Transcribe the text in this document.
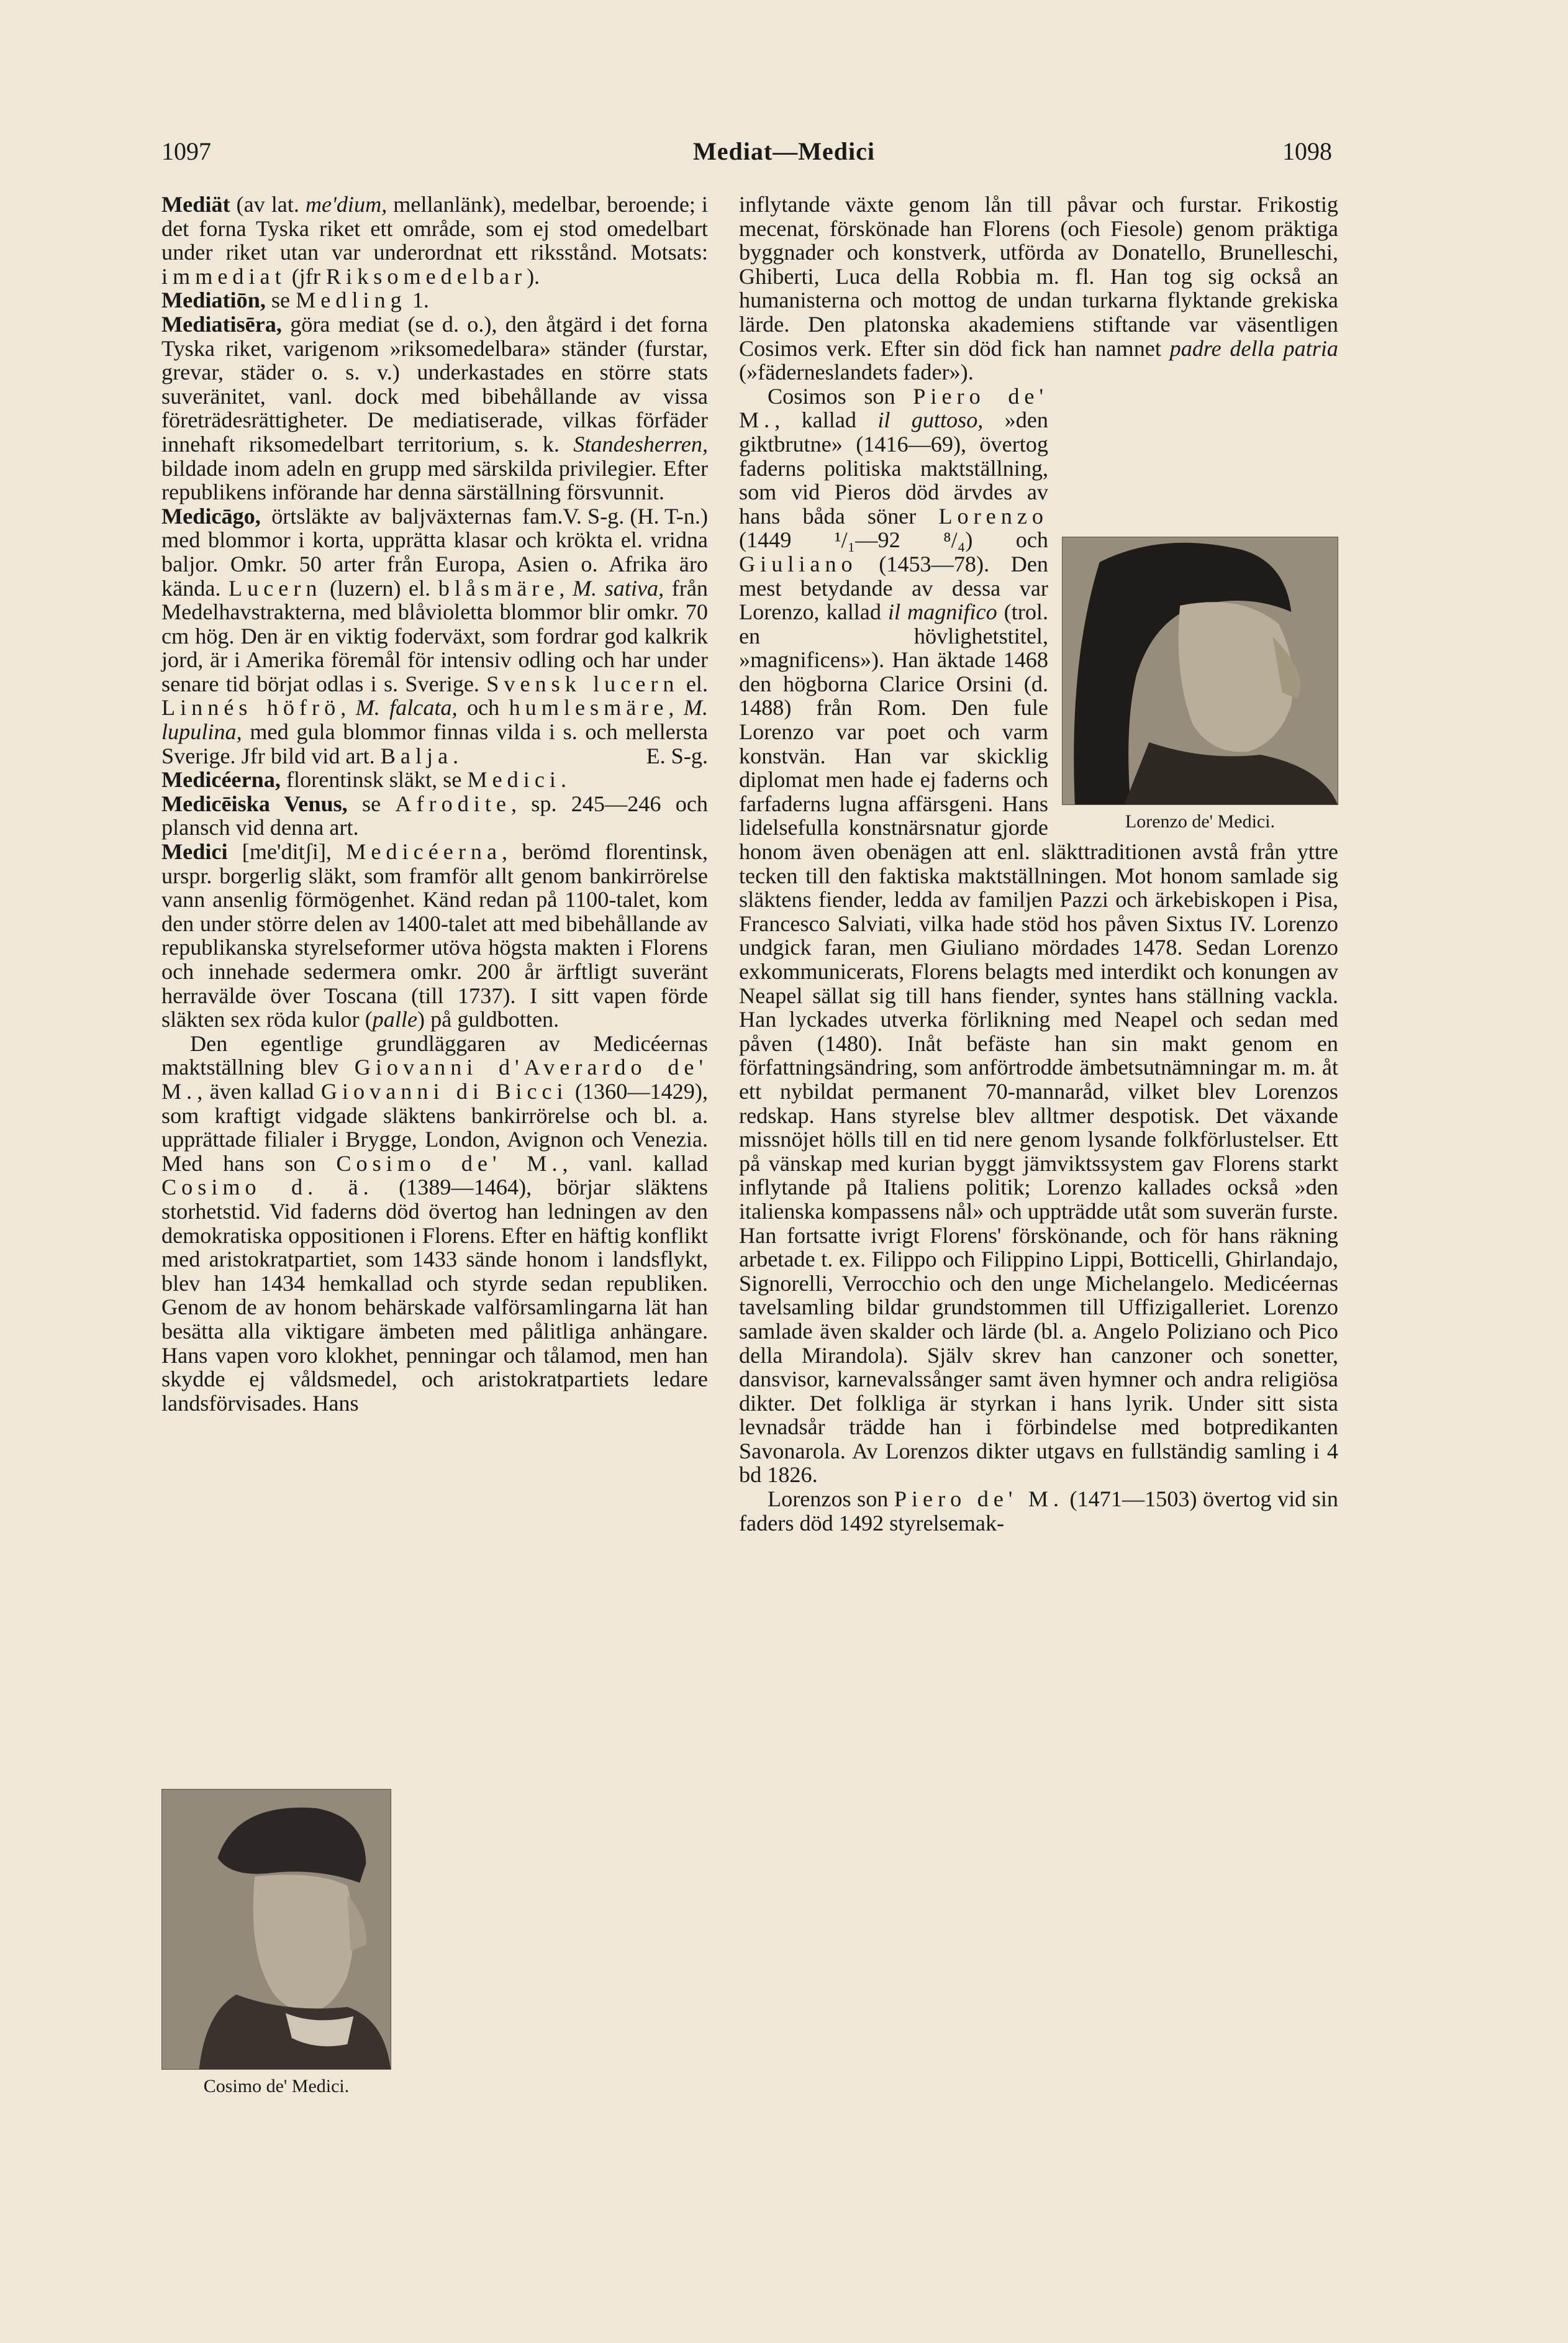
1097	Mediat—Medici	1098

Mediät (av lat. me'dium, mellanlänk), medelbar, beroende; i det forna Tyska riket ett område, som ej stod omedelbart under riket utan var underordnat ett riksstånd. Motsats: immediat (jfr Riksomedelbar).

Mediatiōn, se Medling 1.

Mediatisēra, göra mediat (se d. o.), den åtgärd i det forna Tyska riket, varigenom »riksomedelbara» ständer (furstar, grevar, städer o. s. v.) underkastades en större stats suveränitet, vanl. dock med bibehållande av vissa företrädesrättigheter. De mediatiserade, vilkas förfäder innehaft riksomedelbart territorium, s. k. Standesherren, bildade inom adeln en grupp med särskilda privilegier. Efter republikens införande har denna särställning försvunnit.
V. S-g. (H. T-n.)

Medicāgo, örtsläkte av baljväxternas fam. med blommor i korta, upprätta klasar och krökta el. vridna baljor. Omkr. 50 arter från Europa, Asien o. Afrika äro kända. Lucern (luzern) el. blåsmäre, M. sativa, från Medelhavstrakterna, med blåvioletta blommor blir omkr. 70 cm hög. Den är en viktig foderväxt, som fordrar god kalkrik jord, är i Amerika föremål för intensiv odling och har under senare tid börjat odlas i s. Sverige. Svensk lucern el. Linnés höfrö, M. falcata, och humlesmäre, M. lupulina, med gula blommor finnas vilda i s. och mellersta Sverige. Jfr bild vid art. Balja.	E. S-g.

Medicéerna, florentinsk släkt, se Medici.

Medicēiska Venus, se Afrodite, sp. 245—246 och plansch vid denna art.

Medici [me'ditʃi], Medicéerna, berömd florentinsk, urspr. borgerlig släkt, som framför allt genom bankirrörelse vann ansenlig förmögenhet. Känd redan på 1100-talet, kom den under större delen av 1400-talet att med bibehållande av republikanska styrelseformer utöva högsta makten i Florens och innehade sedermera omkr. 200 år ärftligt suveränt herravälde över Toscana (till 1737). I sitt vapen förde släkten sex röda kulor (palle) på guldbotten.

Den egentlige grundläggaren av Medicéernas maktställning blev Giovanni d'Averardo de' M., även kallad Giovanni di Bicci (1360—1429), som kraftigt vidgade släktens bankirrörelse och bl. a. upprättade filialer i Brygge, London, Avignon och Venezia. Med hans son Cosimo de' M., vanl. kallad Cosimo d. ä. (1389—1464), börjar släktens storhetstid. Vid faderns död övertog han ledningen av den demokratiska oppositionen i Florens. Efter en häftig konflikt med aristokratpartiet, som 1433 sände honom i landsflykt, blev han 1434 hemkallad och styrde sedan republiken. Genom de av honom behärskade valförsamlingarna lät han besätta alla viktigare ämbeten med pålitliga anhängare. Hans vapen voro klokhet, penningar och tålamod, men han skydde ej våldsmedel, och aristokratpartiets ledare landsförvisades. Hans

Cosimo de' Medici.

inflytande växte genom lån till påvar och furstar. Frikostig mecenat, förskönade han Florens (och Fiesole) genom präktiga byggnader och konstverk, utförda av Donatello, Brunelleschi, Ghiberti, Luca della Robbia m. fl. Han tog sig också an humanisterna och mottog de undan turkarna flyktande grekiska lärde. Den platonska akademiens stiftande var väsentligen Cosimos verk. Efter sin död fick han namnet padre della patria (»fäderneslandets fader»).

Lorenzo de' Medici.

Cosimos son Piero de' M., kallad il guttoso, »den giktbrutne» (1416—69), övertog faderns politiska maktställning, som vid Pieros död ärvdes av hans båda söner Lorenzo (1449 ¹/₁—92 ⁸/₄) och Giuliano (1453—78). Den mest betydande av dessa var Lorenzo, kallad il magnifico (trol. en hövlighetstitel, »magnificens»). Han äktade 1468 den högborna Clarice Orsini (d. 1488) från Rom. Den fule Lorenzo var poet och varm konstvän. Han var skicklig diplomat men hade ej faderns och farfaderns lugna affärsgeni. Hans lidelsefulla konstnärsnatur gjorde honom även obenägen att enl. släkttraditionen avstå från yttre tecken till den faktiska maktställningen. Mot honom samlade sig släktens fiender, ledda av familjen Pazzi och ärkebiskopen i Pisa, Francesco Salviati, vilka hade stöd hos påven Sixtus IV. Lorenzo undgick faran, men Giuliano mördades 1478. Sedan Lorenzo exkommunicerats, Florens belagts med interdikt och konungen av Neapel sällat sig till hans fiender, syntes hans ställning vackla. Han lyckades utverka förlikning med Neapel och sedan med påven (1480). Inåt befäste han sin makt genom en författningsändring, som anförtrodde ämbetsutnämningar m. m. åt ett nybildat permanent 70-mannaråd, vilket blev Lorenzos redskap. Hans styrelse blev alltmer despotisk. Det växande missnöjet hölls till en tid nere genom lysande folkförlustelser. Ett på vänskap med kurian byggt jämviktssystem gav Florens starkt inflytande på Italiens politik; Lorenzo kallades också »den italienska kompassens nål» och uppträdde utåt som suverän furste. Han fortsatte ivrigt Florens' förskönande, och för hans räkning arbetade t. ex. Filippo och Filippino Lippi, Botticelli, Ghirlandajo, Signorelli, Verrocchio och den unge Michelangelo. Medicéernas tavelsamling bildar grundstommen till Uffizigalleriet. Lorenzo samlade även skalder och lärde (bl. a. Angelo Poliziano och Pico della Mirandola). Själv skrev han canzoner och sonetter, dansvisor, karnevalssånger samt även hymner och andra religiösa dikter. Det folkliga är styrkan i hans lyrik. Under sitt sista levnadsår trädde han i förbindelse med botpredikanten Savonarola. Av Lorenzos dikter utgavs en fullständig samling i 4 bd 1826.

Lorenzos son Piero de' M. (1471—1503) övertog vid sin faders död 1492 styrelsemak-
